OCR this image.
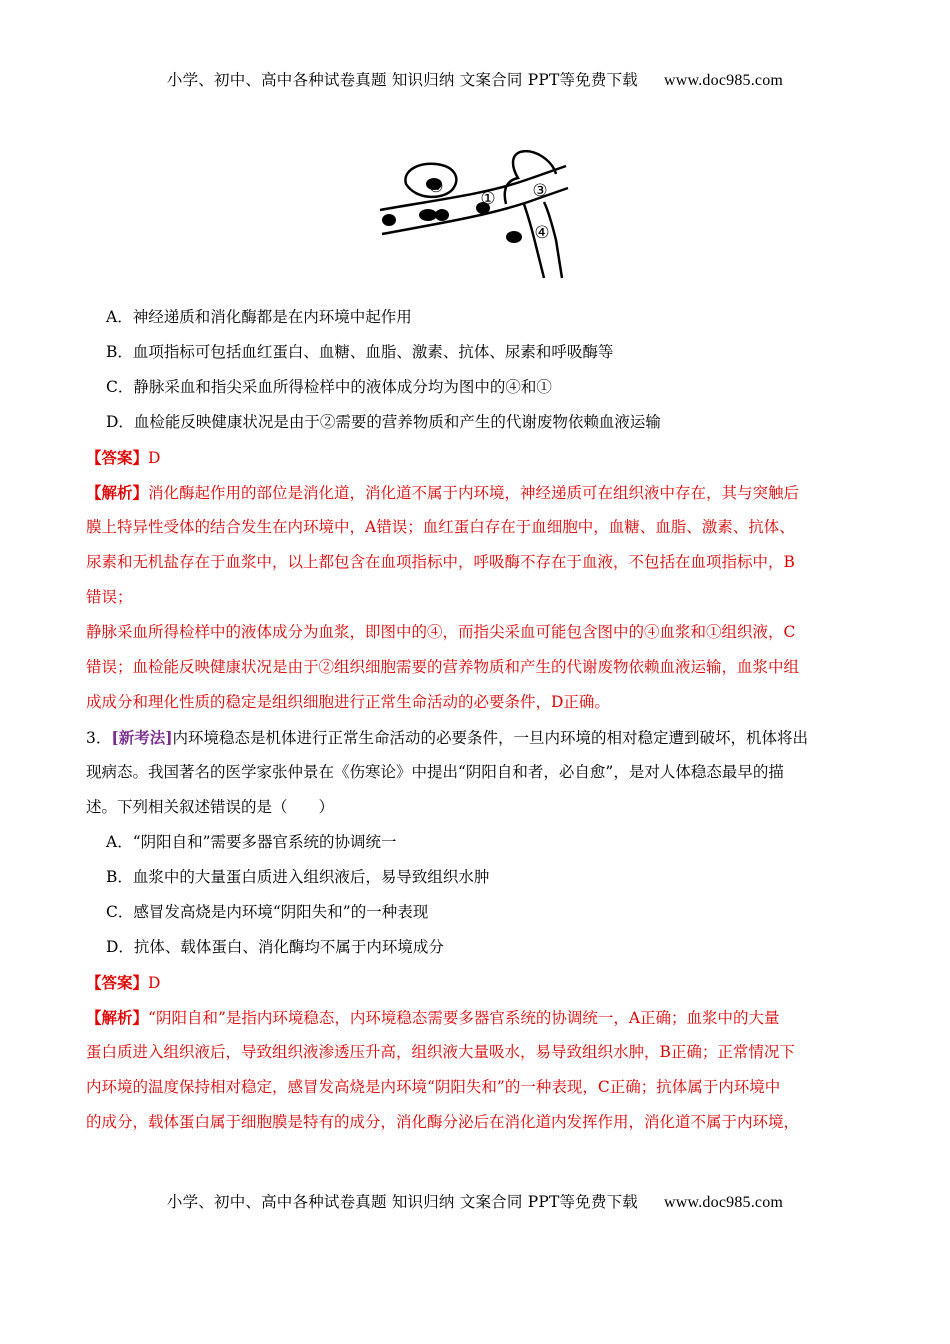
小学、初中、高中各种试卷真题 知识归纳 文案合同 PPT等免费下载 www.doc985.com
②
① ③
④
A．神经递质和消化酶都是在内环境中起作用
B．血项指标可包括血红蛋白、血糖、血脂、激素、抗体、尿素和呼吸酶等
C．静脉采血和指尖采血所得检样中的液体成分均为图中的④和①
D．血检能反映健康状况是由于②需要的营养物质和产生的代谢废物依赖血液运输
【答案】D
【解析】消化酶起作用的部位是消化道，消化道不属于内环境，神经递质可在组织液中存在，其与突触后
膜上特异性受体的结合发生在内环境中，A错误；血红蛋白存在于血细胞中，血糖、血脂、激素、抗体、
尿素和无机盐存在于血浆中，以上都包含在血项指标中，呼吸酶不存在于血液，不包括在血项指标中，B
错误；
静脉采血所得检样中的液体成分为血浆，即图中的④，而指尖采血可能包含图中的④血浆和①组织液，C
错误；血检能反映健康状况是由于②组织细胞需要的营养物质和产生的代谢废物依赖血液运输，血浆中组
成成分和理化性质的稳定是组织细胞进行正常生命活动的必要条件，D正确。
3．[新考法]内环境稳态是机体进行正常生命活动的必要条件，一旦内环境的相对稳定遭到破坏，机体将出
现病态。我国著名的医学家张仲景在《伤寒论》中提出“阴阳自和者，必自愈”，是对人体稳态最早的描
述。下列相关叙述错误的是（　　）
A．“阴阳自和”需要多器官系统的协调统一
B．血浆中的大量蛋白质进入组织液后，易导致组织水肿
C．感冒发高烧是内环境“阴阳失和”的一种表现
D．抗体、载体蛋白、消化酶均不属于内环境成分
【答案】D
【解析】“阴阳自和”是指内环境稳态，内环境稳态需要多器官系统的协调统一，A正确；血浆中的大量
蛋白质进入组织液后，导致组织液渗透压升高，组织液大量吸水，易导致组织水肿，B正确；正常情况下
内环境的温度保持相对稳定，感冒发高烧是内环境“阴阳失和”的一种表现，C正确；抗体属于内环境中
的成分，载体蛋白属于细胞膜是特有的成分，消化酶分泌后在消化道内发挥作用，消化道不属于内环境，
小学、初中、高中各种试卷真题 知识归纳 文案合同 PPT等免费下载 www.doc985.com
